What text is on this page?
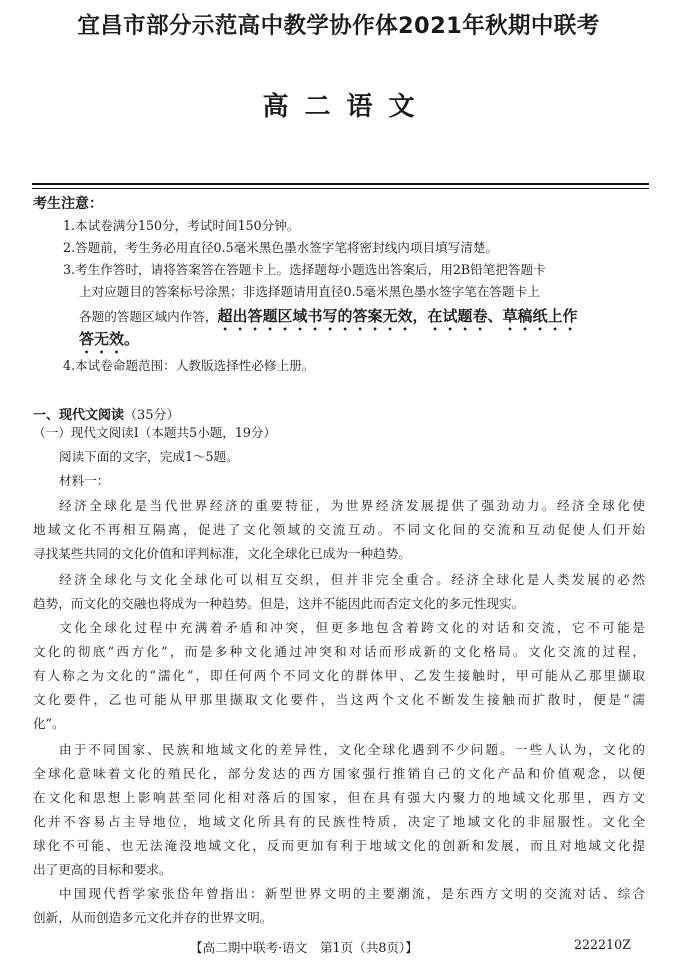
宜昌市部分示范高中教学协作体2021年秋期中联考
高二语文
考生注意：
1.本试卷满分150分，考试时间150分钟。
2.答题前，考生务必用直径0.5毫米黑色墨水签字笔将密封线内项目填写清楚。
3.考生作答时，请将答案答在答题卡上。选择题每小题选出答案后，用2B铅笔把答题卡
上对应题目的答案标号涂黑；非选择题请用直径0.5毫米黑色墨水签字笔在答题卡上
各题的答题区域内作答，超出答题区域书写的答案无效，在试题卷、草稿纸上作
答无效。
4.本试卷命题范围：人教版选择性必修上册。
一、现代文阅读（35分）
（一）现代文阅读Ⅰ（本题共5小题，19分）
阅读下面的文字，完成1～5题。
材料一：
经济全球化是当代世界经济的重要特征，为世界经济发展提供了强劲动力。经济全球化使
地域文化不再相互隔离，促进了文化领域的交流互动。不同文化间的交流和互动促使人们开始
寻找某些共同的文化价值和评判标准，文化全球化已成为一种趋势。
经济全球化与文化全球化可以相互交织，但并非完全重合。经济全球化是人类发展的必然
趋势，而文化的交融也将成为一种趋势。但是，这并不能因此而否定文化的多元性现实。
文化全球化过程中充满着矛盾和冲突，但更多地包含着跨文化的对话和交流，它不可能是
文化的彻底“西方化”，而是多种文化通过冲突和对话而形成新的文化格局。文化交流的过程，
有人称之为文化的“濡化”，即任何两个不同文化的群体甲、乙发生接触时，甲可能从乙那里撷取
文化要件，乙也可能从甲那里撷取文化要件，当这两个文化不断发生接触而扩散时，便是“濡
化”。
由于不同国家、民族和地域文化的差异性，文化全球化遇到不少问题。一些人认为，文化的
全球化意味着文化的殖民化，部分发达的西方国家强行推销自己的文化产品和价值观念，以便
在文化和思想上影响甚至同化相对落后的国家，但在具有强大内聚力的地域文化那里，西方文
化并不容易占主导地位，地域文化所具有的民族性特质，决定了地域文化的非屈服性。文化全
球化不可能、也无法淹没地域文化，反而更加有利于地域文化的创新和发展，而且对地域文化提
出了更高的目标和要求。
中国现代哲学家张岱年曾指出：新型世界文明的主要潮流，是东西方文明的交流对话、综合
创新，从而创造多元文化并存的世界文明。
【高二期中联考·语文　第1页（共8页）】	222210Z
